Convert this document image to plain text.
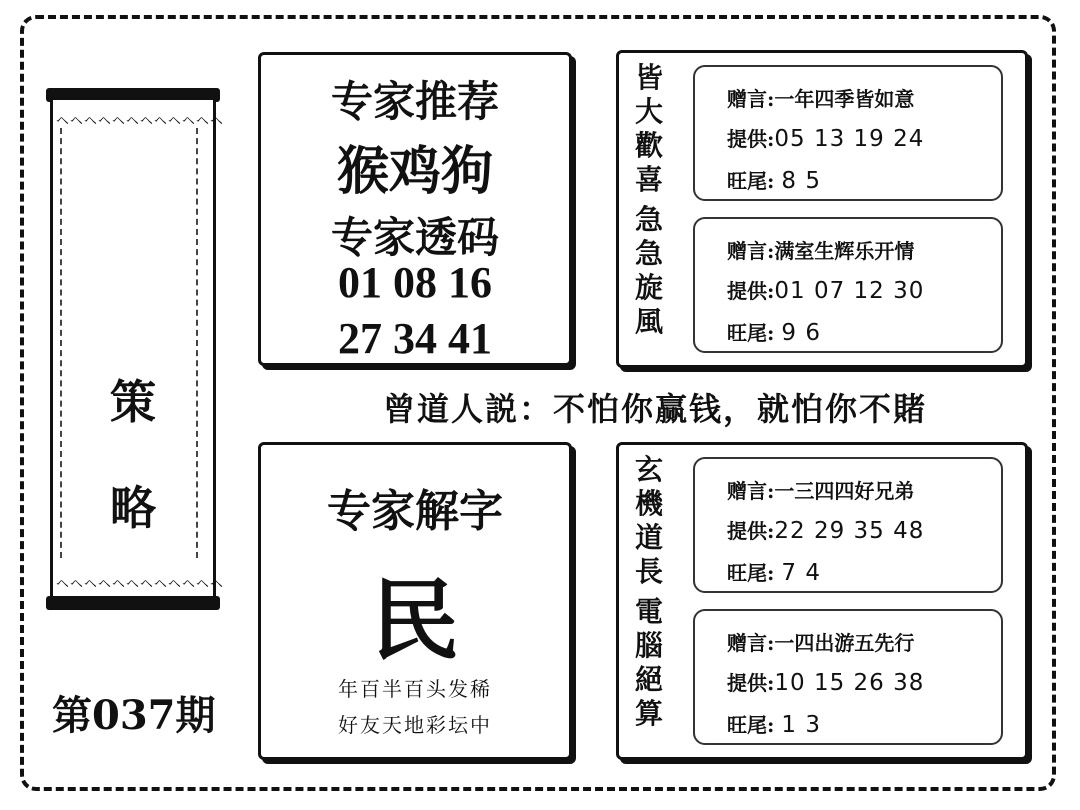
ヘヘヘヘヘヘヘヘヘヘヘヘ
策
略
ヘヘヘヘヘヘヘヘヘヘヘヘ
第037期
专家推荐
猴鸡狗
专家透码
01 08 16
27 34 41
曾道人説：不怕你赢钱，就怕你不賭
专家解字
民
年百半百头发稀
好友天地彩坛中
皆
大
歡
喜
急
急
旋
風
赠言:一年四季皆如意
提供:05 13 19 24
旺尾: 8 5
赠言:满室生辉乐开情
提供:01 07 12 30
旺尾: 9 6
玄
機
道
長
電
腦
絕
算
赠言:一三四四好兄弟
提供:22 29 35 48
旺尾: 7 4
赠言:一四出游五先行
提供:10 15 26 38
旺尾: 1 3
